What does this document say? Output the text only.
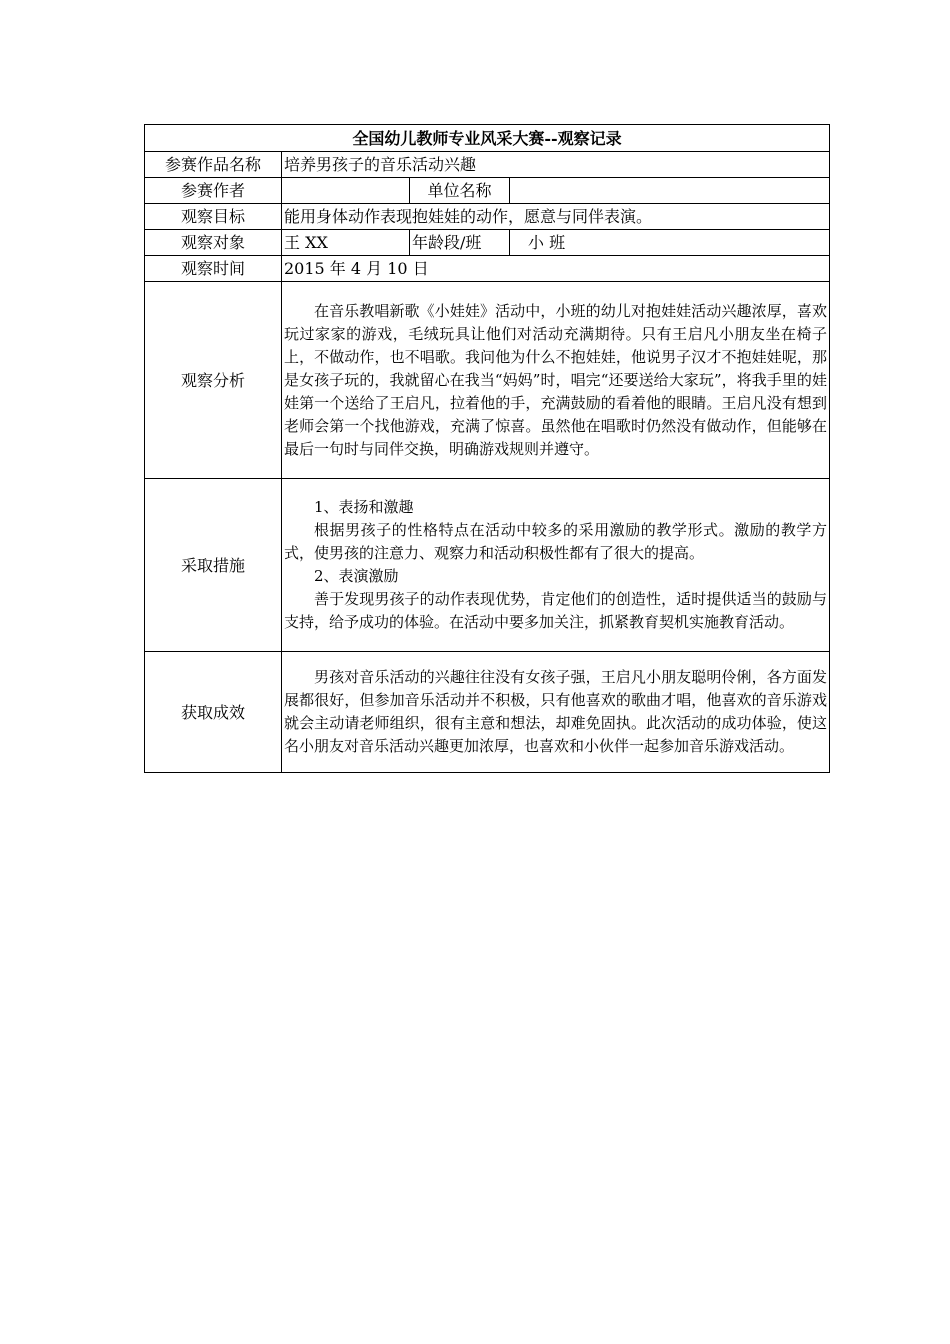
全国幼儿教师专业风采大赛--观察记录			
参赛作品名称	培养男孩子的音乐活动兴趣		
参赛作者		单位名称	
观察目标	能用身体动作表现抱娃娃的动作，愿意与同伴表演。		
观察对象	王 XX	年龄段/班	小 班
观察时间	2015 年 4 月 10 日		
观察分析	在音乐教唱新歌《小娃娃》活动中，小班的幼儿对抱娃娃活动兴趣浓厚，喜欢玩过家家的游戏，毛绒玩具让他们对活动充满期待。只有王启凡小朋友坐在椅子上，不做动作，也不唱歌。我问他为什么不抱娃娃，他说男子汉才不抱娃娃呢，那是女孩子玩的，我就留心在我当“妈妈”时，唱完“还要送给大家玩”，将我手里的娃娃第一个送给了王启凡，拉着他的手，充满鼓励的看着他的眼睛。王启凡没有想到老师会第一个找他游戏，充满了惊喜。虽然他在唱歌时仍然没有做动作，但能够在最后一句时与同伴交换，明确游戏规则并遵守。		

采取措施	1、表扬和激趣

根据男孩子的性格特点在活动中较多的采用激励的教学形式。激励的教学方式，使男孩的注意力、观察力和活动积极性都有了很大的提高。

2、表演激励

善于发现男孩子的动作表现优势，肯定他们的创造性，适时提供适当的鼓励与支持，给予成功的体验。在活动中要多加关注，抓紧教育契机实施教育活动。		

获取成效	男孩对音乐活动的兴趣往往没有女孩子强，王启凡小朋友聪明伶俐，各方面发展都很好，但参加音乐活动并不积极，只有他喜欢的歌曲才唱，他喜欢的音乐游戏就会主动请老师组织，很有主意和想法，却难免固执。此次活动的成功体验，使这名小朋友对音乐活动兴趣更加浓厚，也喜欢和小伙伴一起参加音乐游戏活动。		
